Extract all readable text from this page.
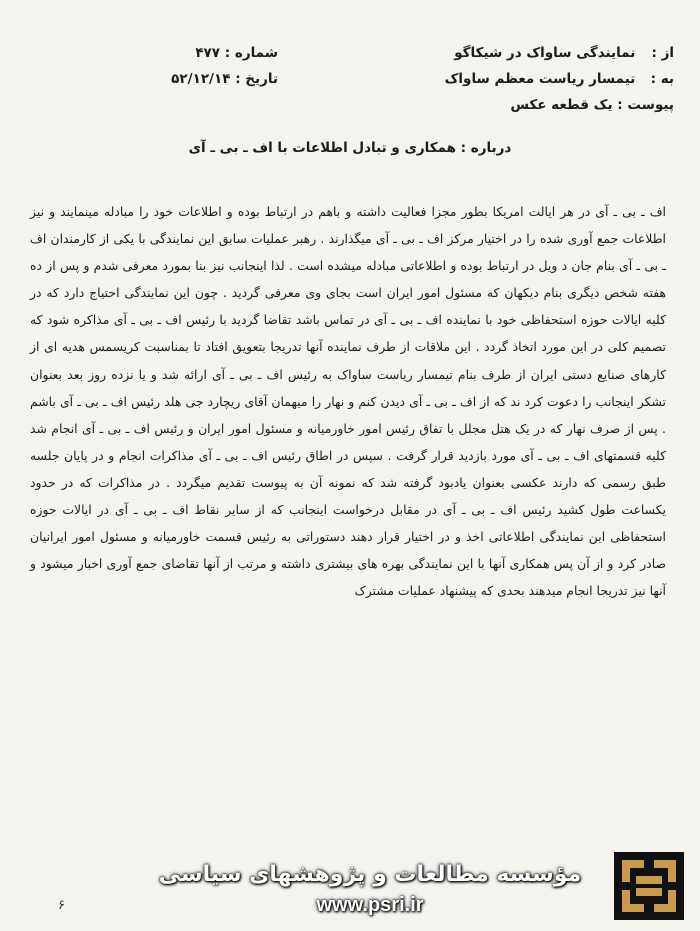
از : نمایندگی ساواک در شیکاگو
به : تیمسار ریاست معظم ساواک
پیوست : یک قطعه عکس
شماره : ۴۷۷
تاریخ : ۵۲/۱۲/۱۴
درباره : همکاری و تبادل اطلاعات با اف ـ بی ـ آی
اف ـ بی ـ آی در هر ایالت امریکا بطور مجزا فعالیت داشته و باهم در ارتباط بوده و اطلاعات خود را مبادله مینمایند و نیز اطلاعات جمع آوری شده را در اختیار مرکز اف ـ بی ـ آی میگذارند . رهبر عملیات سابق این نمایندگی با یکی از کارمندان اف ـ بی ـ آی بنام جان د ویل در ارتباط بوده و اطلاعاتی مبادله میشده است . لذا اینجانب نیز بنا بمورد معرفی شدم و پس از ده هفته شخص دیگری بنام دیکهان که مسئول امور ایران است بجای وی معرفی گردید . چون این نمایندگی احتیاج دارد که در کلیه ایالات حوزه استحفاظی خود با نماینده اف ـ بی ـ آی در تماس باشد تقاضا گردید با رئیس اف ـ بی ـ آی مذاکره شود که تصمیم کلی در این مورد اتخاذ گردد . این ملاقات از طرف نماینده آنها تدریجا بتعویق افتاد تا بمناسبت کریسمس هدیه ای از کارهای صنایع دستی ایران از طرف بنام تیمسار ریاست ساواک به رئیس اف ـ بی ـ آی ارائه شد و یا نزده روز بعد بعنوان تشکر اینجانب را دعوت کرد ند که از اف ـ بی ـ آی دیدن کنم و نهار را میهمان آقای ریچارد جی هلد رئیس اف ـ بی ـ آی باشم . پس از صرف نهار که در یک هتل مجلل با تفاق رئیس امور خاورمیانه و مسئول امور ایران و رئیس اف ـ بی ـ آی انجام شد کلیه قسمتهای اف ـ بی ـ آی مورد بازدید قرار گرفت . سپس در اطاق رئیس اف ـ بی ـ آی مذاکرات انجام و در پایان جلسه طبق رسمی که دارند عکسی بعنوان یادبود گرفته شد که نمونه آن به پیوست تقدیم میگردد . در مذاکرات که در حدود یکساعت طول کشید رئیس اف ـ بی ـ آی در مقابل درخواست اینجانب که از سایر نقاط اف ـ بی ـ آی در ایالات حوزه استحفاظی این نمایندگی اطلاعاتی اخذ و در اختیار قرار دهند دستوراتی به رئیس قسمت خاورمیانه و مسئول امور ایرانیان صادر کرد و از آن پس همکاری آنها با این نمایندگی بهره های بیشتری داشته و مرتب از آنها تقاضای جمع آوری اخبار میشود و آنها نیز تدریجا انجام میدهند بحدی که پیشنهاد عملیات مشترک
۶
مؤسسه مطالعات و پژوهشهای سیاسی
www.psri.ir
